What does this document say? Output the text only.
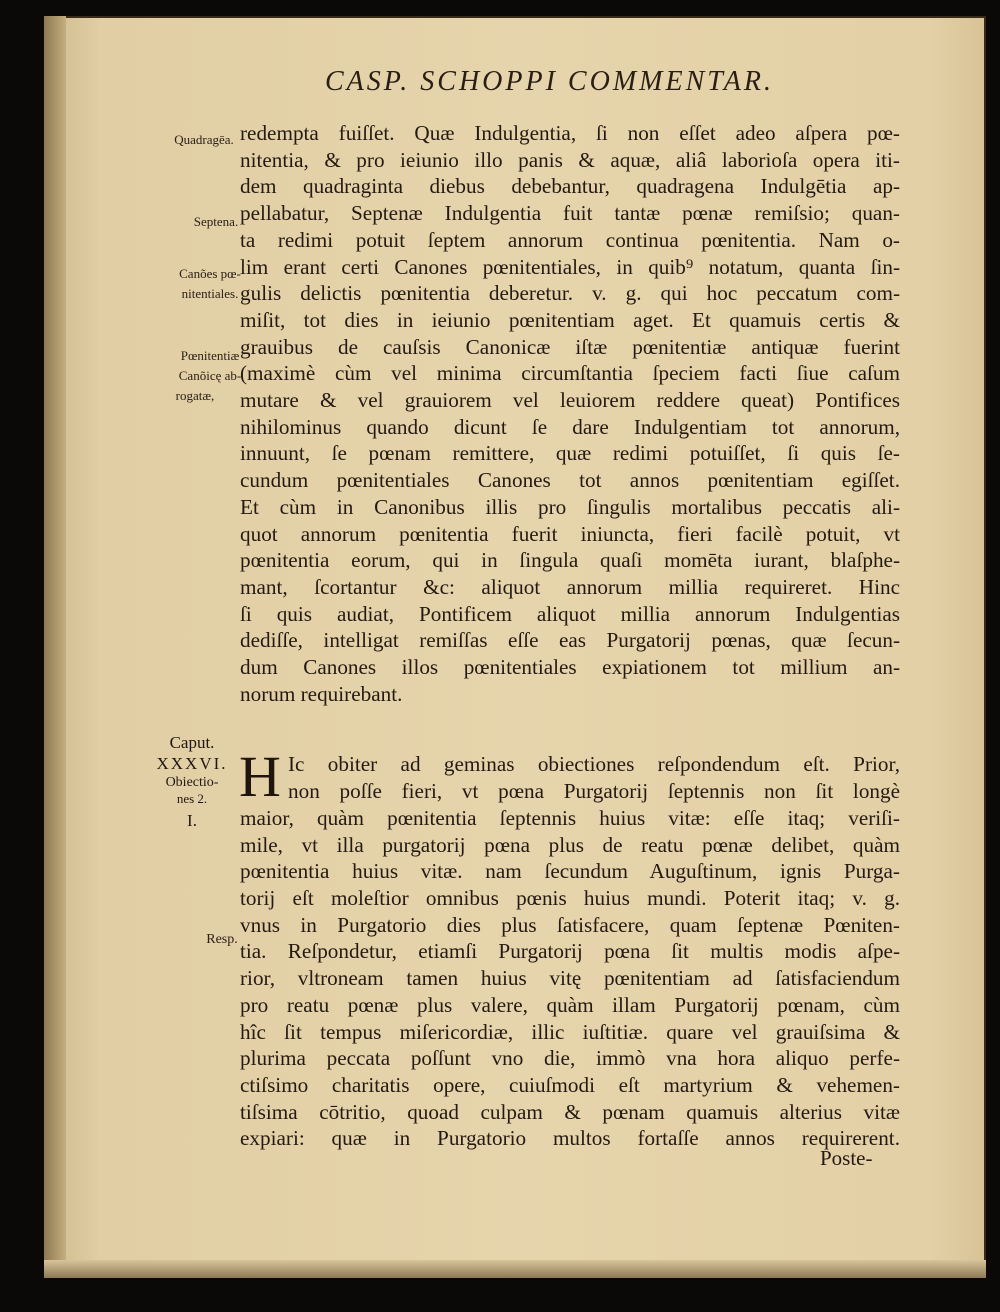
CASP. SCHOPPI COMMENTAR.
Quadragēa.
Septena.
Canões pœ-
nitentiales.
Pœnitentiæ
Canõicę ab-
rogatæ,
Caput.
XXXVI.
Obiectio-
nes 2.
I.
Resp.
redempta fuiſſet. Quæ Indulgentia, ſi non eſſet adeo aſpera pœ-
nitentia, & pro ieiunio illo panis & aquæ, aliâ laborioſa opera iti-
dem quadraginta diebus debebantur, quadragena Indulgētia ap-
pellabatur, Septenæ Indulgentia fuit tantæ pœnæ remiſsio; quan-
ta redimi potuit ſeptem annorum continua pœnitentia. Nam o-
lim erant certi Canones pœnitentiales, in quib⁹ notatum, quanta ſin-
gulis delictis pœnitentia deberetur. v. g. qui hoc peccatum com-
miſit, tot dies in ieiunio pœnitentiam aget. Et quamuis certis &
grauibus de cauſsis Canonicæ iſtæ pœnitentiæ antiquæ fuerint
(maximè cùm vel minima circumſtantia ſpeciem facti ſiue caſum
mutare & vel grauiorem vel leuiorem reddere queat) Pontifices
nihilominus quando dicunt ſe dare Indulgentiam tot annorum,
innuunt, ſe pœnam remittere, quæ redimi potuiſſet, ſi quis ſe-
cundum pœnitentiales Canones tot annos pœnitentiam egiſſet.
Et cùm in Canonibus illis pro ſingulis mortalibus peccatis ali-
quot annorum pœnitentia fuerit iniuncta, fieri facilè potuit, vt
pœnitentia eorum, qui in ſingula quaſi momēta iurant, blaſphe-
mant, ſcortantur &c: aliquot annorum millia requireret. Hinc
ſi quis audiat, Pontificem aliquot millia annorum Indulgentias
dediſſe, intelligat remiſſas eſſe eas Purgatorij pœnas, quæ ſecun-
dum Canones illos pœnitentiales expiationem tot millium an-
norum requirebant.
H Ic obiter ad geminas obiectiones reſpondendum eſt. Prior,
non poſſe fieri, vt pœna Purgatorij ſeptennis non ſit longè
maior, quàm pœnitentia ſeptennis huius vitæ: eſſe itaq; veriſi-
mile, vt illa purgatorij pœna plus de reatu pœnæ delibet, quàm
pœnitentia huius vitæ. nam ſecundum Auguſtinum, ignis Purga-
torij eſt moleſtior omnibus pœnis huius mundi. Poterit itaq; v. g.
vnus in Purgatorio dies plus ſatisfacere, quam ſeptenæ Pœniten-
tia. Reſpondetur, etiamſi Purgatorij pœna ſit multis modis aſpe-
rior, vltroneam tamen huius vitę pœnitentiam ad ſatisfaciendum
pro reatu pœnæ plus valere, quàm illam Purgatorij pœnam, cùm
hîc ſit tempus miſericordiæ, illic iuſtitiæ. quare vel grauiſsima &
plurima peccata poſſunt vno die, immò vna hora aliquo perfe-
ctiſsimo charitatis opere, cuiuſmodi eſt martyrium & vehemen-
tiſsima cōtritio, quoad culpam & pœnam quamuis alterius vitæ
expiari: quæ in Purgatorio multos fortaſſe annos requirerent.
Poste-
